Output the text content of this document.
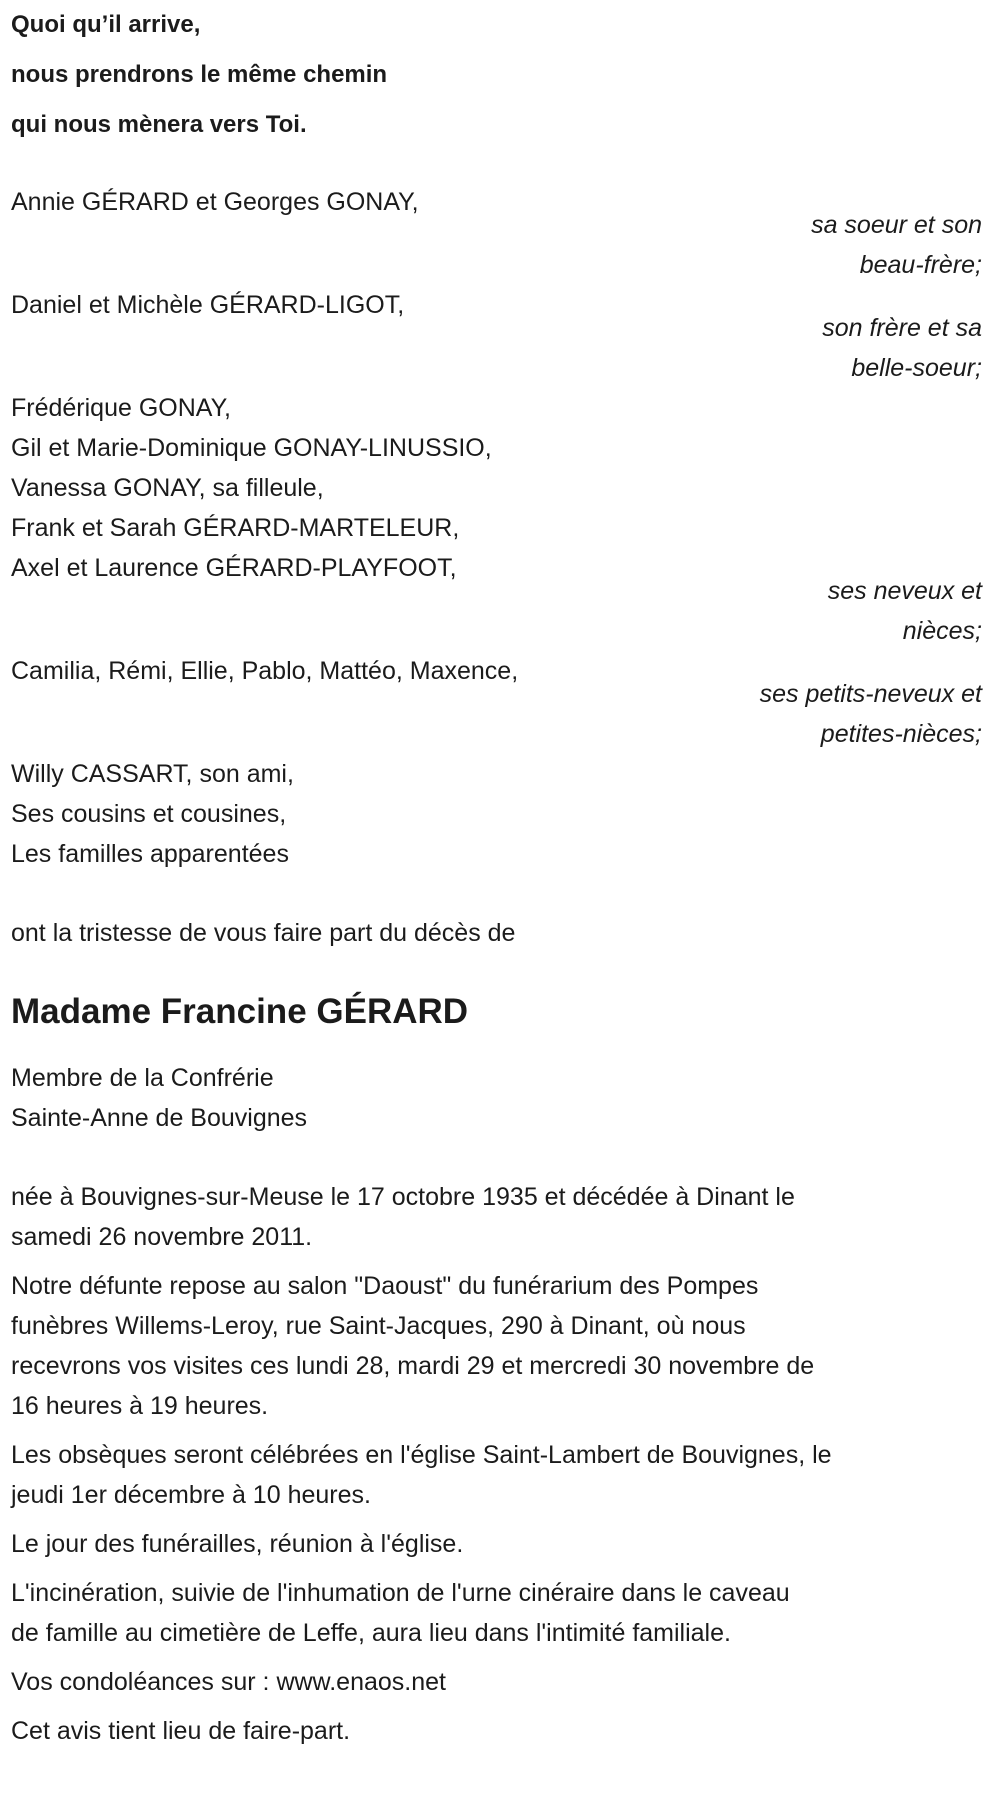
Quoi qu’il arrive,
nous prendrons le même chemin
qui nous mènera vers Toi.
Annie GÉRARD et Georges GONAY,
sa soeur et son
beau-frère;
Daniel et Michèle GÉRARD-LIGOT,
son frère et sa
belle-soeur;
Frédérique GONAY,
Gil et Marie-Dominique GONAY-LINUSSIO,
Vanessa GONAY, sa filleule,
Frank et Sarah GÉRARD-MARTELEUR,
Axel et Laurence GÉRARD-PLAYFOOT,
ses neveux et
nièces;
Camilia, Rémi, Ellie, Pablo, Mattéo, Maxence,
ses petits-neveux et
petites-nièces;
Willy CASSART, son ami,
Ses cousins et cousines,
Les familles apparentées
ont la tristesse de vous faire part du décès de
Madame Francine GÉRARD
Membre de la Confrérie
Sainte-Anne de Bouvignes
née à Bouvignes-sur-Meuse le 17 octobre 1935 et décédée à Dinant le
samedi 26 novembre 2011.
Notre défunte repose au salon "Daoust" du funérarium des Pompes
funèbres Willems-Leroy, rue Saint-Jacques, 290 à Dinant, où nous
recevrons vos visites ces lundi 28, mardi 29 et mercredi 30 novembre de
16 heures à 19 heures.
Les obsèques seront célébrées en l'église Saint-Lambert de Bouvignes, le
jeudi 1er décembre à 10 heures.
Le jour des funérailles, réunion à l'église.
L'incinération, suivie de l'inhumation de l'urne cinéraire dans le caveau
de famille au cimetière de Leffe, aura lieu dans l'intimité familiale.
Vos condoléances sur : www.enaos.net
Cet avis tient lieu de faire-part.
